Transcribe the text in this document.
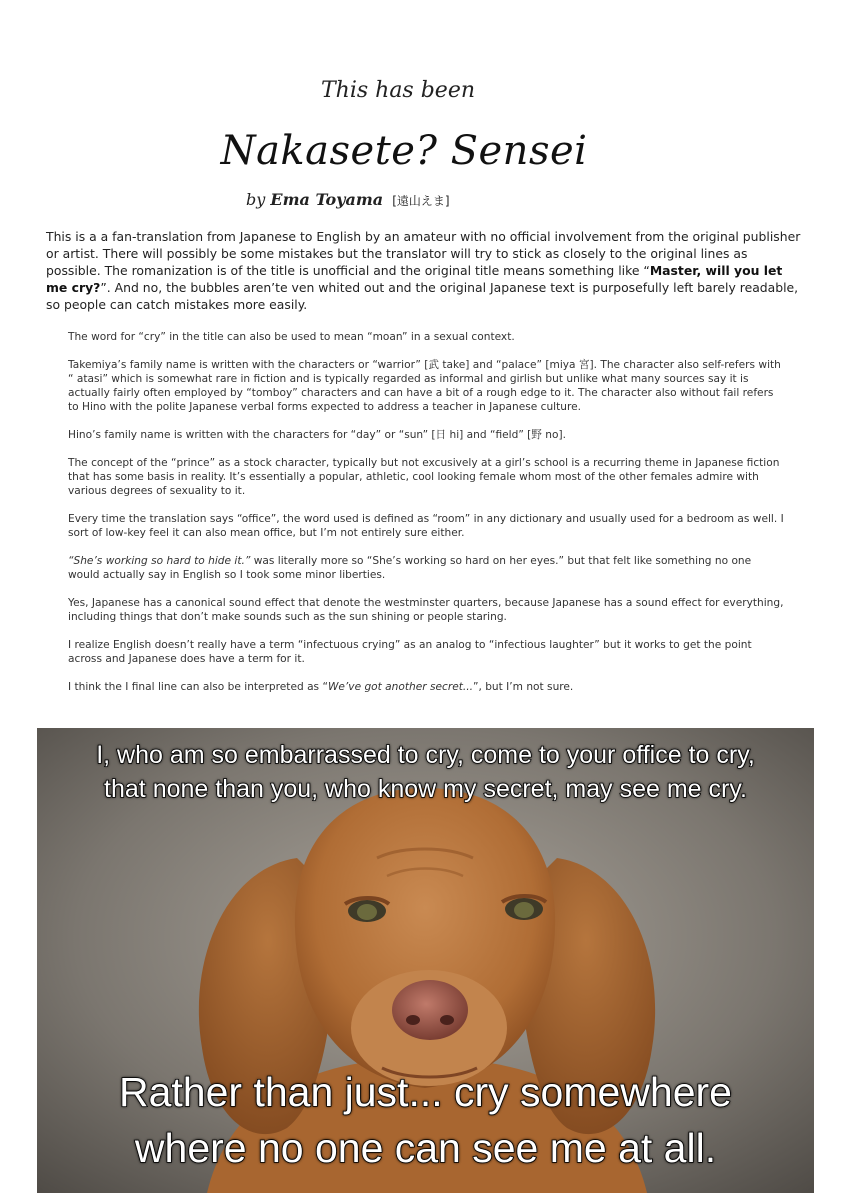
This has been
Nakasete? Sensei
by Ema Toyama [遠山えま]

This is a a fan-translation from Japanese to English by an amateur with no official involvement from the original publisher or artist. There will possibly be some mistakes but the translator will try to stick as closely to the original lines as possible. The romanization is of the title is unofficial and the original title means something like “Master, will you let me cry?”. And no, the bubbles aren’te ven whited out and the original Japanese text is purposefully left barely readable, so people can catch mistakes more easily.

The word for “cry” in the title can also be used to mean “moan” in a sexual context.

Takemiya’s family name is written with the characters or “warrior” [武 take] and “palace” [miya 宮]. The character also self-refers with “ atasi” which is somewhat rare in fiction and is typically regarded as informal and girlish but unlike what many sources say it is actually fairly often employed by “tomboy” characters and can have a bit of a rough edge to it. The character also without fail refers to Hino with the polite Japanese verbal forms expected to address a teacher in Japanese culture.

Hino’s family name is written with the characters for “day” or “sun” [日 hi] and “field” [野 no].

The concept of the “prince” as a stock character, typically but not excusively at a girl’s school is a recurring theme in Japanese fiction that has some basis in reality. It’s essentially a popular, athletic, cool looking female whom most of the other females admire with various degrees of sexuality to it.

Every time the translation says “office”, the word used is defined as “room” in any dictionary and usually used for a bedroom as well. I sort of low-key feel it can also mean office, but I’m not entirely sure either.

“She’s working so hard to hide it.” was literally more so “She’s working so hard on her eyes.” but that felt like something no one would actually say in English so I took some minor liberties.

Yes, Japanese has a canonical sound effect that denote the westminster quarters, because Japanese has a sound effect for everything, including things that don’t make sounds such as the sun shining or people staring.

I realize English doesn’t really have a term “infectuous crying” as an analog to “infectious laughter” but it works to get the point across and Japanese does have a term for it.

I think the I final line can also be interpreted as “We’ve got another secret...”, but I’m not sure.

I, who am so embarrassed to cry, come to your office to cry,
that none than you, who know my secret, may see me cry.

Rather than just... cry somewhere
where no one can see me at all.
